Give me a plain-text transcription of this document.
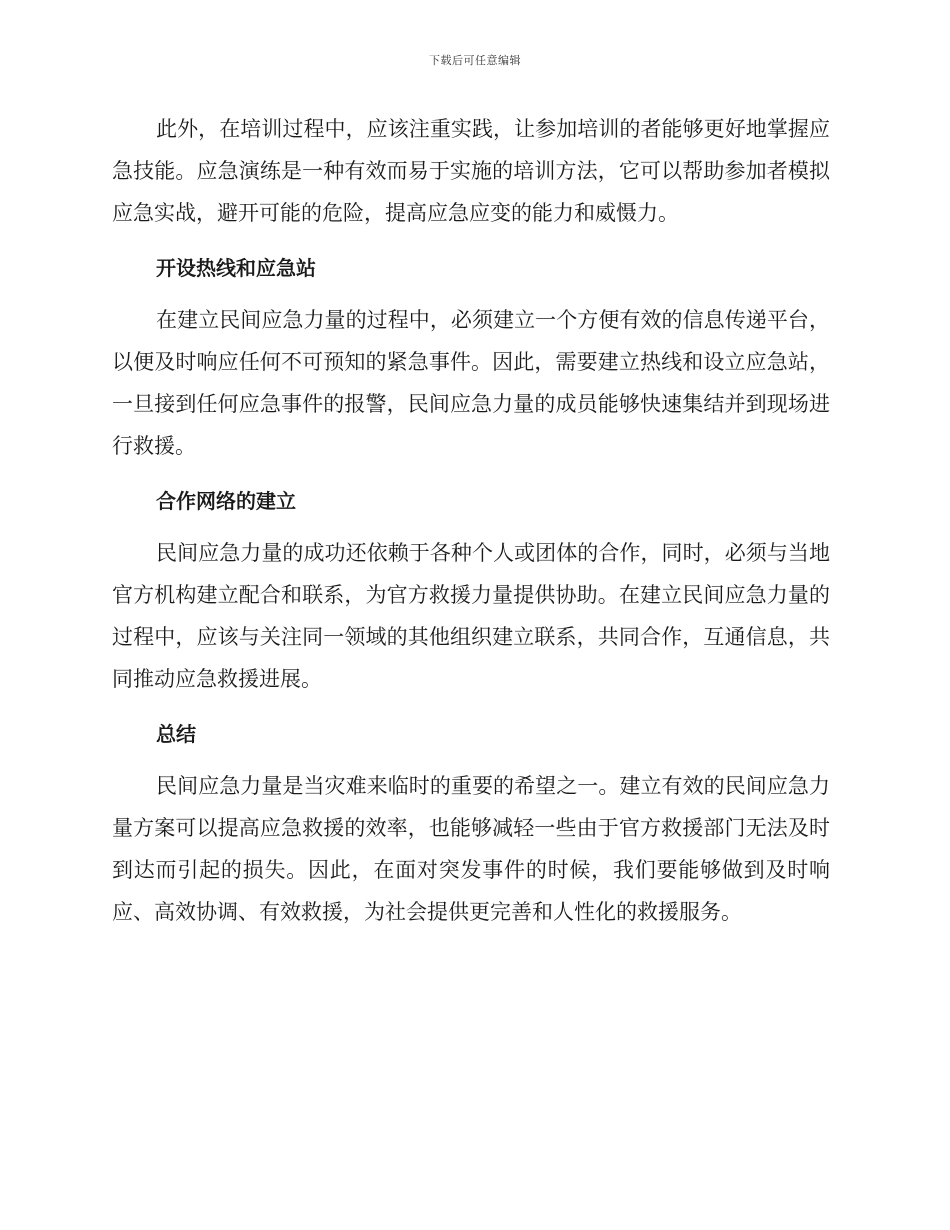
下载后可任意编辑

此外，在培训过程中，应该注重实践，让参加培训的者能够更好地掌握应急技能。应急演练是一种有效而易于实施的培训方法，它可以帮助参加者模拟应急实战，避开可能的危险，提高应急应变的能力和威慑力。

开设热线和应急站

在建立民间应急力量的过程中，必须建立一个方便有效的信息传递平台，以便及时响应任何不可预知的紧急事件。因此，需要建立热线和设立应急站，一旦接到任何应急事件的报警，民间应急力量的成员能够快速集结并到现场进行救援。

合作网络的建立

民间应急力量的成功还依赖于各种个人或团体的合作，同时，必须与当地官方机构建立配合和联系，为官方救援力量提供协助。在建立民间应急力量的过程中，应该与关注同一领域的其他组织建立联系，共同合作，互通信息，共同推动应急救援进展。

总结

民间应急力量是当灾难来临时的重要的希望之一。建立有效的民间应急力量方案可以提高应急救援的效率，也能够减轻一些由于官方救援部门无法及时到达而引起的损失。因此，在面对突发事件的时候，我们要能够做到及时响应、高效协调、有效救援，为社会提供更完善和人性化的救援服务。
